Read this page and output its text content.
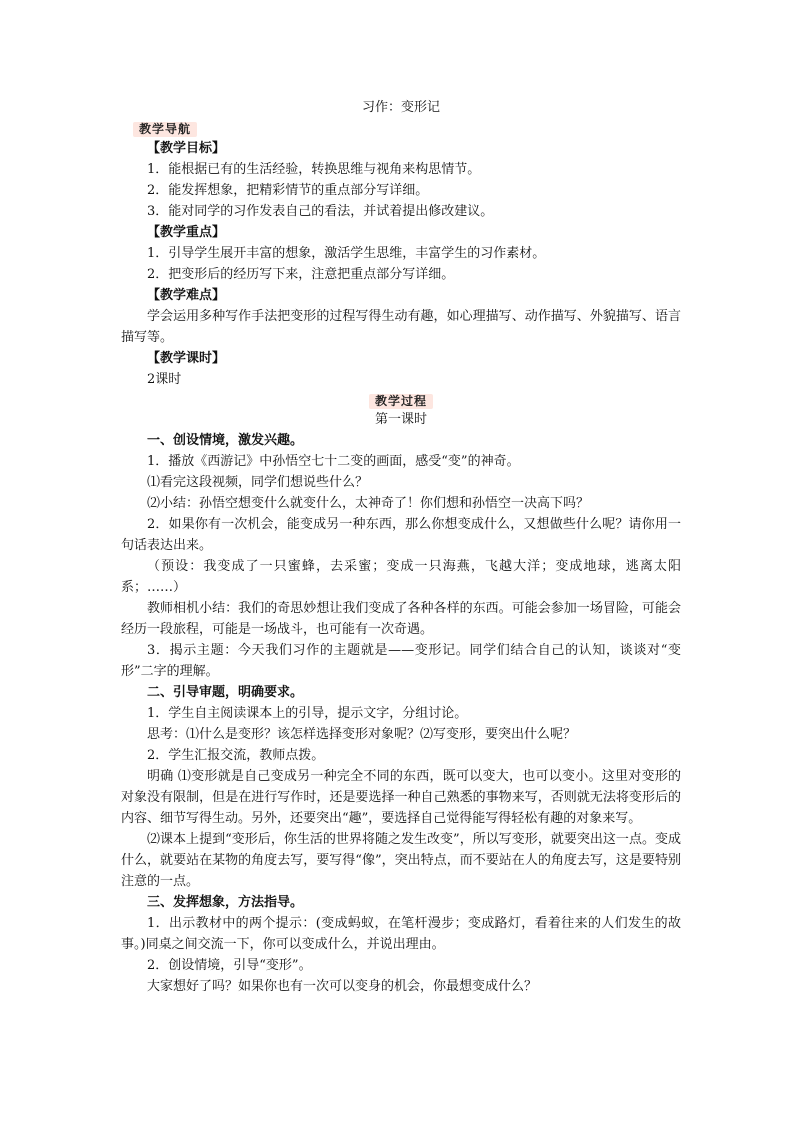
习作：变形记
教学导航

【教学目标】

1．能根据已有的生活经验，转换思维与视角来构思情节。

2．能发挥想象，把精彩情节的重点部分写详细。

3．能对同学的习作发表自己的看法，并试着提出修改建议。

【教学重点】

1．引导学生展开丰富的想象，激活学生思维，丰富学生的习作素材。

2．把变形后的经历写下来，注意把重点部分写详细。

【教学难点】

学会运用多种写作手法把变形的过程写得生动有趣，如心理描写、动作描写、外貌描写、语言描写等。

【教学课时】

2课时

教学过程
第一课时

一、创设情境，激发兴趣。

1．播放《西游记》中孙悟空七十二变的画面，感受“变”的神奇。

⑴看完这段视频，同学们想说些什么？

⑵小结：孙悟空想变什么就变什么，太神奇了！你们想和孙悟空一决高下吗？

2．如果你有一次机会，能变成另一种东西，那么你想变成什么，又想做些什么呢？请你用一句话表达出来。

（预设：我变成了一只蜜蜂，去采蜜；变成一只海燕，飞越大洋；变成地球，逃离太阳系；……）

教师相机小结：我们的奇思妙想让我们变成了各种各样的东西。可能会参加一场冒险，可能会经历一段旅程，可能是一场战斗，也可能有一次奇遇。

3．揭示主题：今天我们习作的主题就是——变形记。同学们结合自己的认知，谈谈对“变形”二字的理解。

二、引导审题，明确要求。

1．学生自主阅读课本上的引导，提示文字，分组讨论。

思考：⑴什么是变形？该怎样选择变形对象呢？⑵写变形，要突出什么呢？

2．学生汇报交流，教师点拨。

明确 ⑴变形就是自己变成另一种完全不同的东西，既可以变大，也可以变小。这里对变形的对象没有限制，但是在进行写作时，还是要选择一种自己熟悉的事物来写，否则就无法将变形后的内容、细节写得生动。另外，还要突出“趣”，要选择自己觉得能写得轻松有趣的对象来写。

⑵课本上提到“变形后，你生活的世界将随之发生改变”，所以写变形，就要突出这一点。变成什么，就要站在某物的角度去写，要写得“像”，突出特点，而不要站在人的角度去写，这是要特别注意的一点。

三、发挥想象，方法指导。

1．出示教材中的两个提示：(变成蚂蚁，在笔杆漫步；变成路灯，看着往来的人们发生的故事。)同桌之间交流一下，你可以变成什么，并说出理由。

2．创设情境，引导“变形”。

大家想好了吗？如果你也有一次可以变身的机会，你最想变成什么？
